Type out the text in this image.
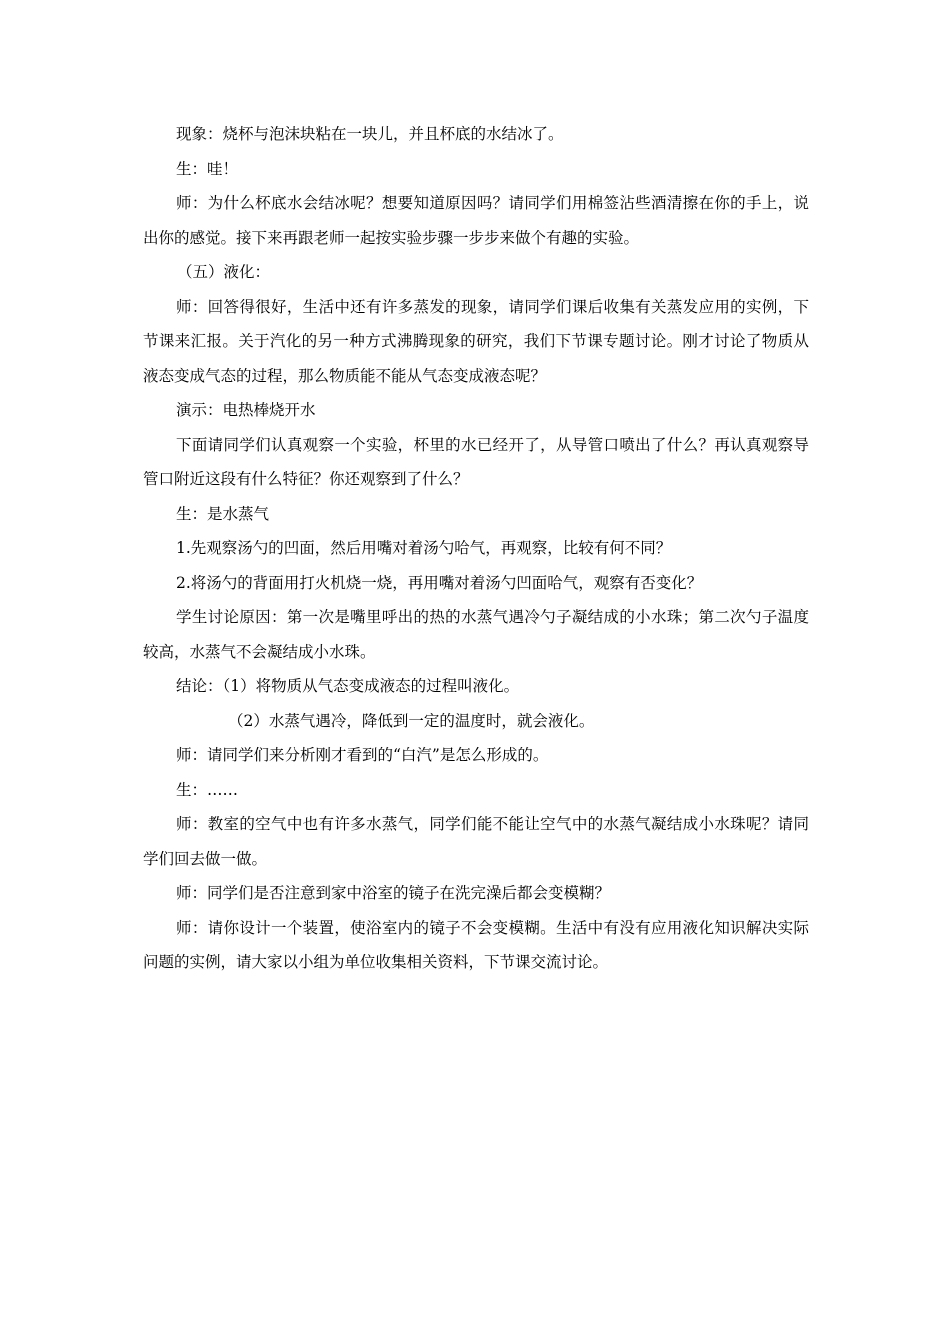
现象：烧杯与泡沫块粘在一块儿，并且杯底的水结冰了。

生：哇！

师：为什么杯底水会结冰呢？想要知道原因吗？请同学们用棉签沾些酒清擦在你的手上，说出你的感觉。接下来再跟老师一起按实验步骤一步步来做个有趣的实验。

（五）液化：

师：回答得很好，生活中还有许多蒸发的现象，请同学们课后收集有关蒸发应用的实例，下节课来汇报。关于汽化的另一种方式沸腾现象的研究，我们下节课专题讨论。刚才讨论了物质从液态变成气态的过程，那么物质能不能从气态变成液态呢？

演示：电热棒烧开水

下面请同学们认真观察一个实验，杯里的水已经开了，从导管口喷出了什么？再认真观察导管口附近这段有什么特征？你还观察到了什么？

生：是水蒸气

1.先观察汤勺的凹面，然后用嘴对着汤勺哈气，再观察，比较有何不同？

2.将汤勺的背面用打火机烧一烧，再用嘴对着汤勺凹面哈气，观察有否变化？

学生讨论原因：第一次是嘴里呼出的热的水蒸气遇冷勺子凝结成的小水珠；第二次勺子温度较高，水蒸气不会凝结成小水珠。

结论：（1）将物质从气态变成液态的过程叫液化。

（2）水蒸气遇冷，降低到一定的温度时，就会液化。

师：请同学们来分析刚才看到的“白汽”是怎么形成的。

生：……

师：教室的空气中也有许多水蒸气，同学们能不能让空气中的水蒸气凝结成小水珠呢？请同学们回去做一做。

师：同学们是否注意到家中浴室的镜子在洗完澡后都会变模糊？

师：请你设计一个装置，使浴室内的镜子不会变模糊。生活中有没有应用液化知识解决实际问题的实例，请大家以小组为单位收集相关资料，下节课交流讨论。
